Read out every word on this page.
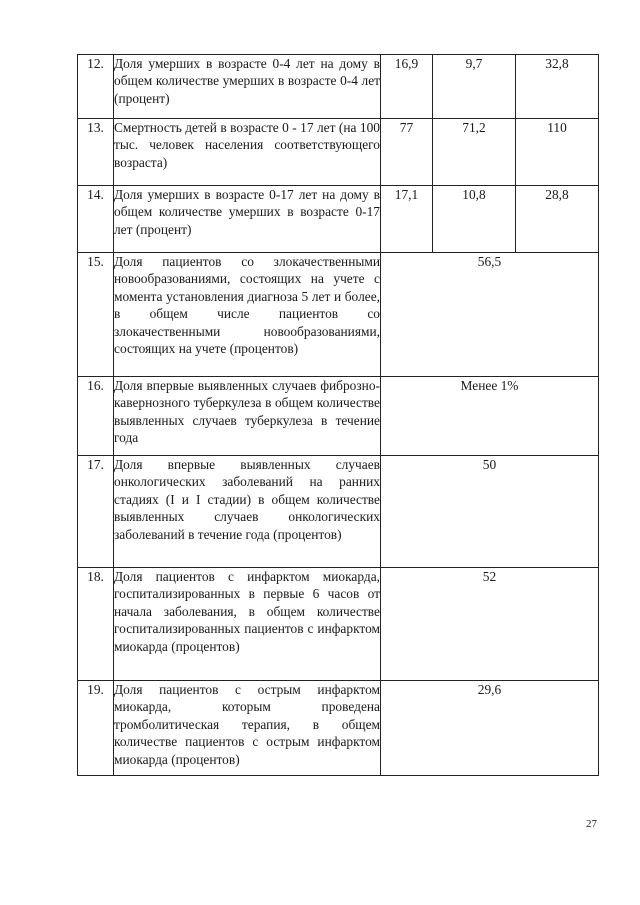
12.	Доля умерших в возрасте 0-4 лет на дому в общем количестве умерших в возрасте 0-4 лет (процент)	16,9	9,7	32,8
13.	Смертность детей в возрасте 0 - 17 лет (на 100 тыс. человек населения соответствующего возраста)	77	71,2	110
14.	Доля умерших в возрасте 0-17 лет на дому в общем количестве умерших в возрасте 0-17 лет (процент)	17,1	10,8	28,8
15.	Доля пациентов со злокачественными новообразованиями, состоящих на учете с момента установления диагноза 5 лет и более, в общем числе пациентов со злокачественными новообразованиями, состоящих на учете (процентов)	56,5		
16.	Доля впервые выявленных случаев фиброзно-кавернозного туберкулеза в общем количестве выявленных случаев туберкулеза в течение года	Менее 1%		
17.	Доля впервые выявленных случаев онкологических заболеваний на ранних стадиях (I и I стадии) в общем количестве выявленных случаев онкологических заболеваний в течение года (процентов)	50		
18.	Доля пациентов с инфарктом миокарда, госпитализированных в первые 6 часов от начала заболевания, в общем количестве госпитализированных пациентов с инфарктом миокарда (процентов)	52		
19.	Доля пациентов с острым инфарктом миокарда, которым проведена тромболитическая терапия, в общем количестве пациентов с острым инфарктом миокарда (процентов)	29,6		
27
